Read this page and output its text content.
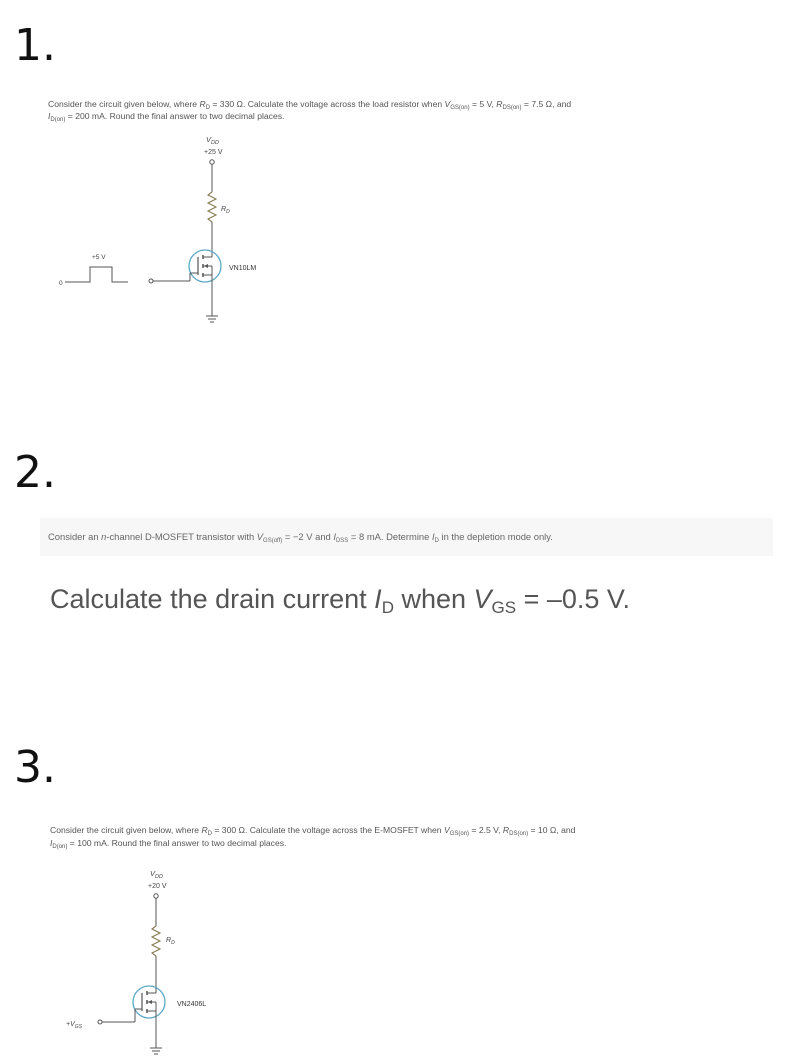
1.
Consider the circuit given below, where $R_D = 330$ Ω. Calculate the voltage across the load resistor when $V_{GS(on)} = 5$ V, $R_{DS(on)} = 7.5$ Ω, and
$I_{D(on)} = 200$ mA. Round the final answer to two decimal places.
$V_{DD}$
+25 V
$R_D$
VN10LM
+5 V
0
2.
Consider an n-channel D-MOSFET transistor with $V_{GS(off)} = -2$ V and $I_{DSS} = 8$ mA. Determine $I_D$ in the depletion mode only.
Calculate the drain current $I_D$ when $V_{GS} = -0.5$ V.
3.
Consider the circuit given below, where $R_D = 300$ Ω. Calculate the voltage across the E-MOSFET when $V_{GS(on)} = 2.5$ V, $R_{DS(on)} = 10$ Ω, and
$I_{D(on)} = 100$ mA. Round the final answer to two decimal places.
$V_{DD}$
+20 V
$R_D$
VN2406L
$+V_{GS}$
